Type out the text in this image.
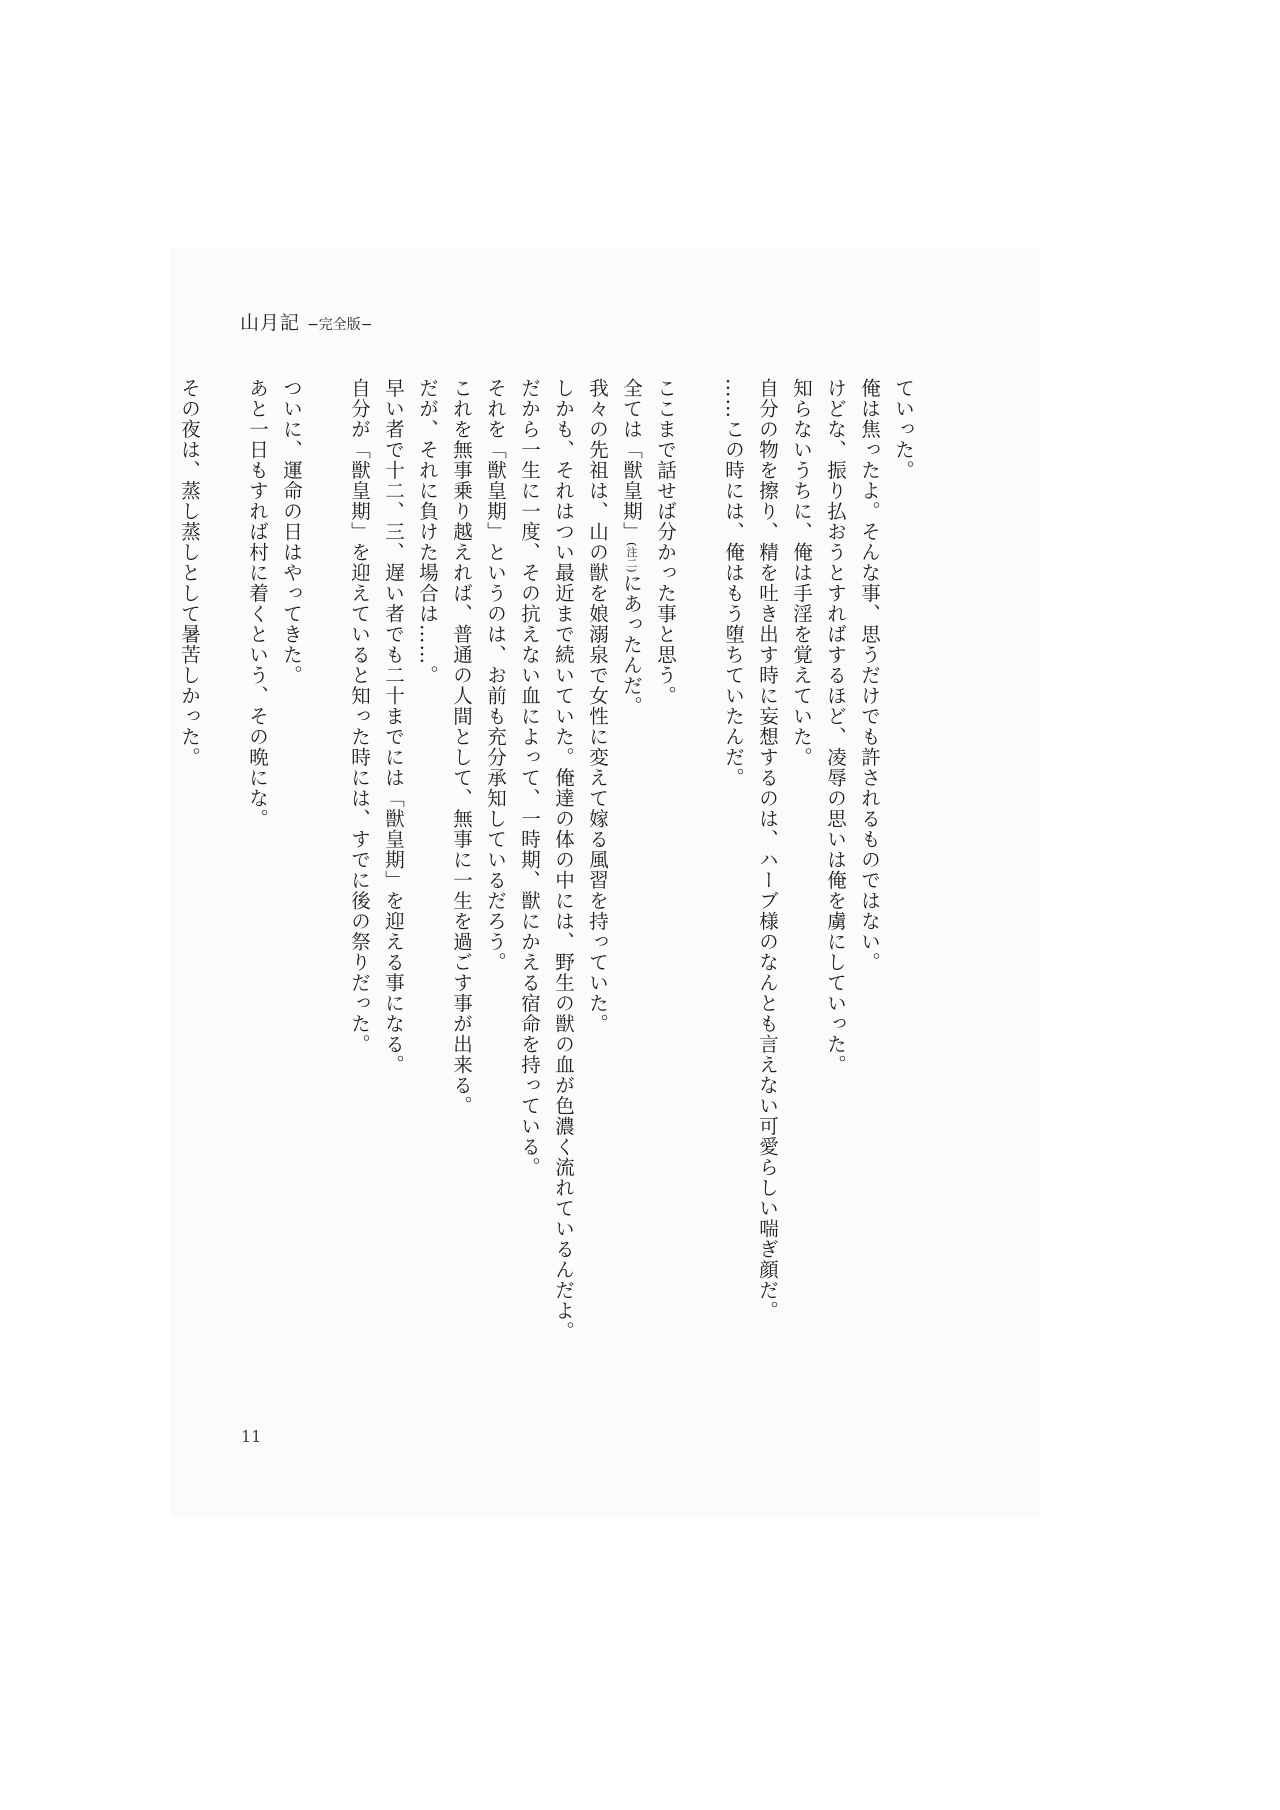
山月記 −完全版−

ていった。

俺は焦ったよ。そんな事、思うだけでも許されるものではない。

けどな、振り払おうとすればするほど、凌辱の思いは俺を虜にしていった。

知らないうちに、俺は手淫を覚えていた。

自分の物を擦り、精を吐き出す時に妄想するのは、ハーブ様のなんとも言えない可愛らしい喘ぎ顔だ。

……この時には、俺はもう堕ちていたんだ。

ここまで話せば分かった事と思う。

全ては「獣皇期」(注二)にあったんだ。

我々の先祖は、山の獣を娘溺泉で女性に変えて嫁る風習を持っていた。

しかも、それはつい最近まで続いていた。俺達の体の中には、野生の獣の血が色濃く流れているんだよ。

だから一生に一度、その抗えない血によって、一時期、獣にかえる宿命を持っている。

それを「獣皇期」というのは、お前も充分承知しているだろう。

これを無事乗り越えれば、普通の人間として、無事に一生を過ごす事が出来る。

だが、それに負けた場合は……。

早い者で十二、三、遅い者でも二十までには「獣皇期」を迎える事になる。

自分が「獣皇期」を迎えていると知った時には、すでに後の祭りだった。

ついに、運命の日はやってきた。

あと一日もすれば村に着くという、その晩にな。

その夜は、蒸し蒸しとして暑苦しかった。

11
